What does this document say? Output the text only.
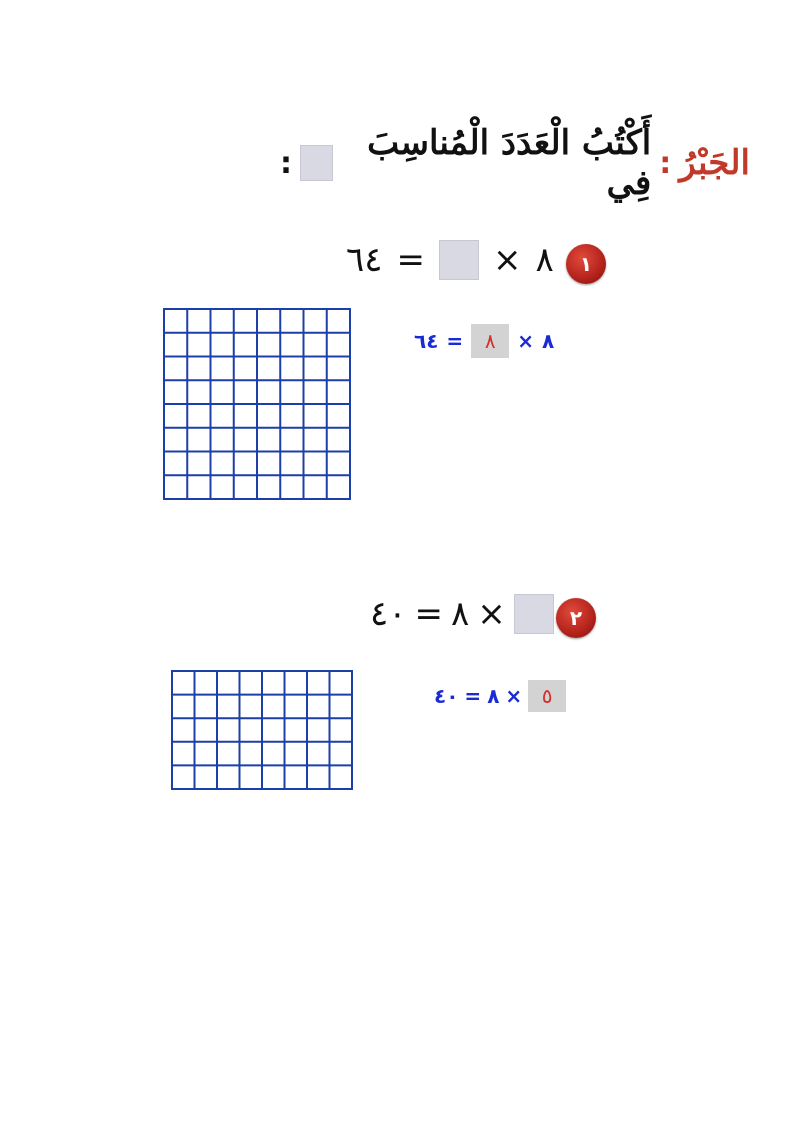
الجَبْرُ
:
أَكْتُبُ الْعَدَدَ الْمُناسِبَ فِي
:
١
٨
×
=
٦٤
٨
×
٨
=
٦٤
٢
×
٨
=
٤٠
٥
×
٨
=
٤٠
